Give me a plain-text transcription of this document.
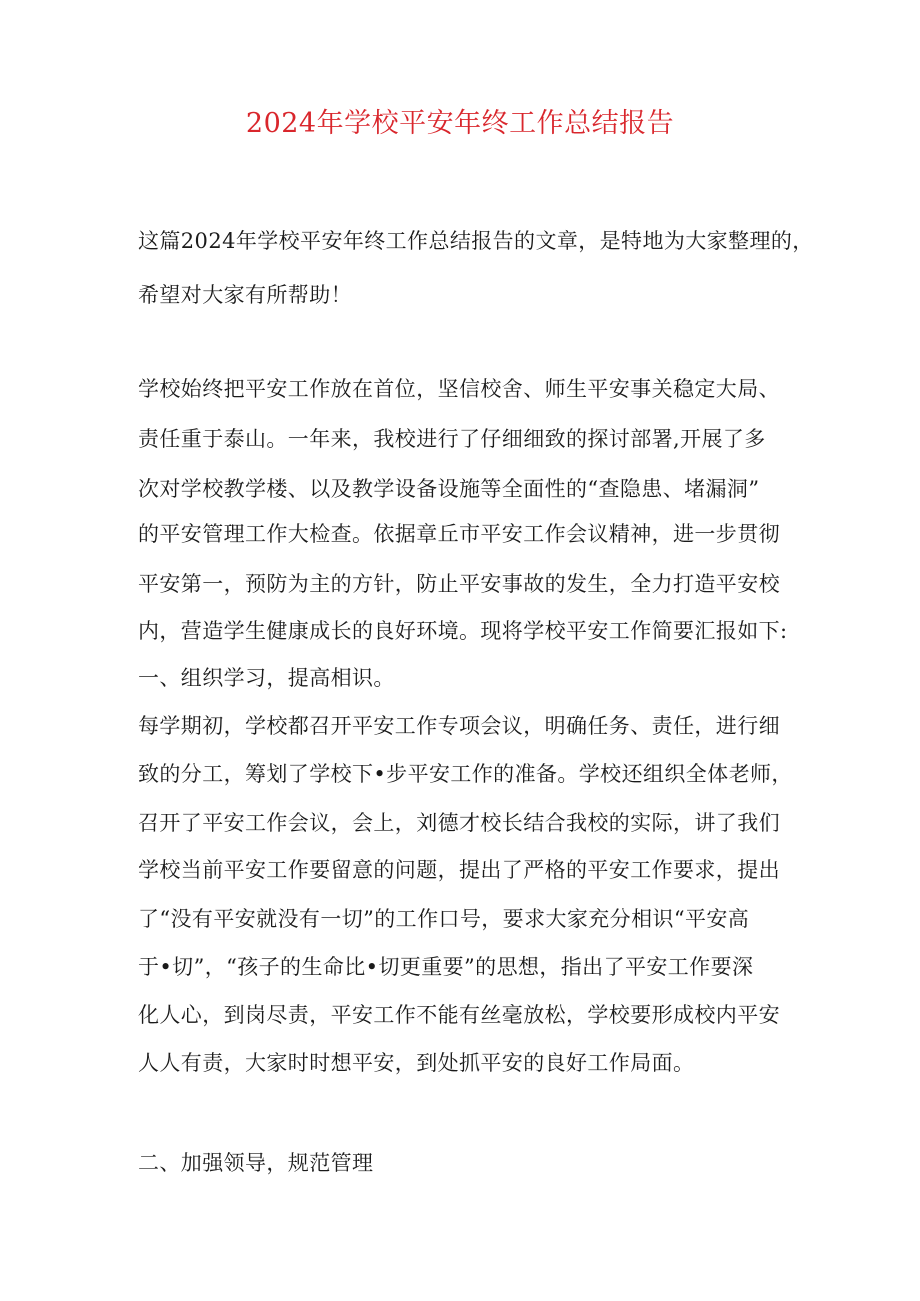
2024年学校平安年终工作总结报告
这篇2024年学校平安年终工作总结报告的文章，是特地为大家整理的，
希望对大家有所帮助！
学校始终把平安工作放在首位，坚信校舍、师生平安事关稳定大局、
责任重于泰山。一年来，我校进行了仔细细致的探讨部署,开展了多
次对学校教学楼、以及教学设备设施等全面性的“查隐患、堵漏洞”
的平安管理工作大检查。依据章丘市平安工作会议精神，进一步贯彻
平安第一，预防为主的方针，防止平安事故的发生，全力打造平安校
内，营造学生健康成长的良好环境。现将学校平安工作简要汇报如下:
一、组织学习，提高相识。
每学期初，学校都召开平安工作专项会议，明确任务、责任，进行细
致的分工，筹划了学校下•步平安工作的准备。学校还组织全体老师，
召开了平安工作会议，会上，刘德才校长结合我校的实际，讲了我们
学校当前平安工作要留意的问题，提出了严格的平安工作要求，提出
了“没有平安就没有一切”的工作口号，要求大家充分相识“平安高
于•切”，“孩子的生命比•切更重要”的思想，指出了平安工作要深
化人心，到岗尽责，平安工作不能有丝毫放松，学校要形成校内平安
人人有责，大家时时想平安，到处抓平安的良好工作局面。
二、加强领导，规范管理
